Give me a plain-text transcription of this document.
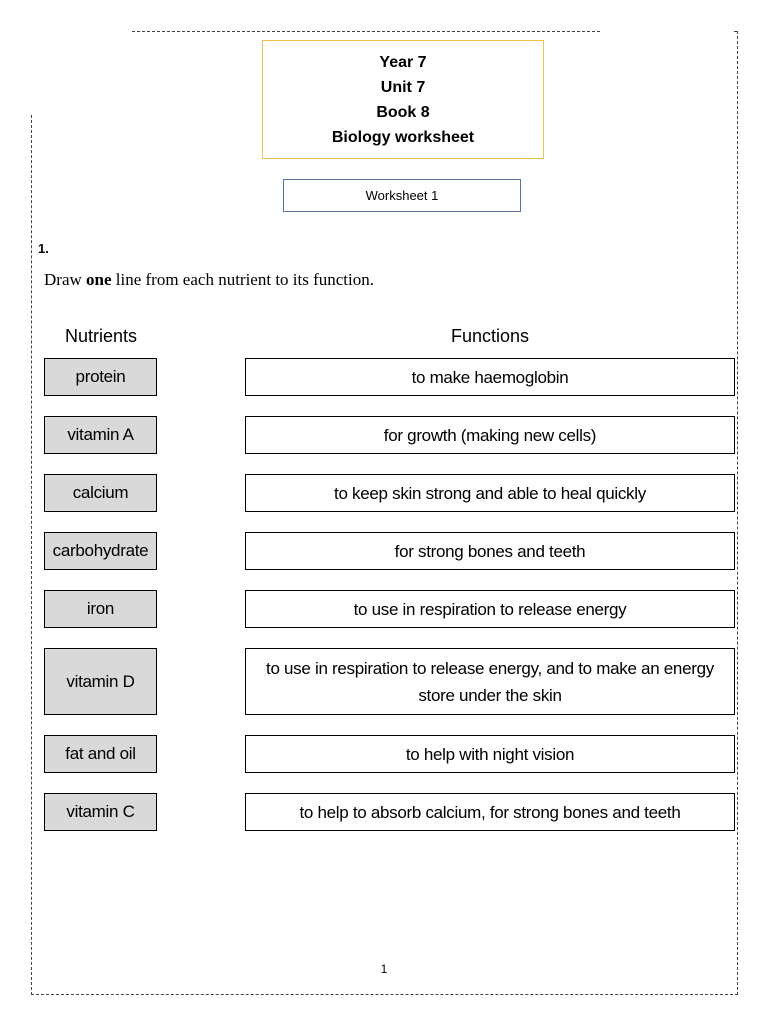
Year 7
Unit 7
Book 8
Biology worksheet
Worksheet 1
1.
Draw one line from each nutrient to its function.
Nutrients	Functions
protein
vitamin A
calcium
carbohydrate
iron
vitamin D
fat and oil
vitamin C
to make haemoglobin
for growth (making new cells)
to keep skin strong and able to heal quickly
for strong bones and teeth
to use in respiration to release energy
to use in respiration to release energy, and to make an energy store under the skin
to help with night vision
to help to absorb calcium, for strong bones and teeth
1
